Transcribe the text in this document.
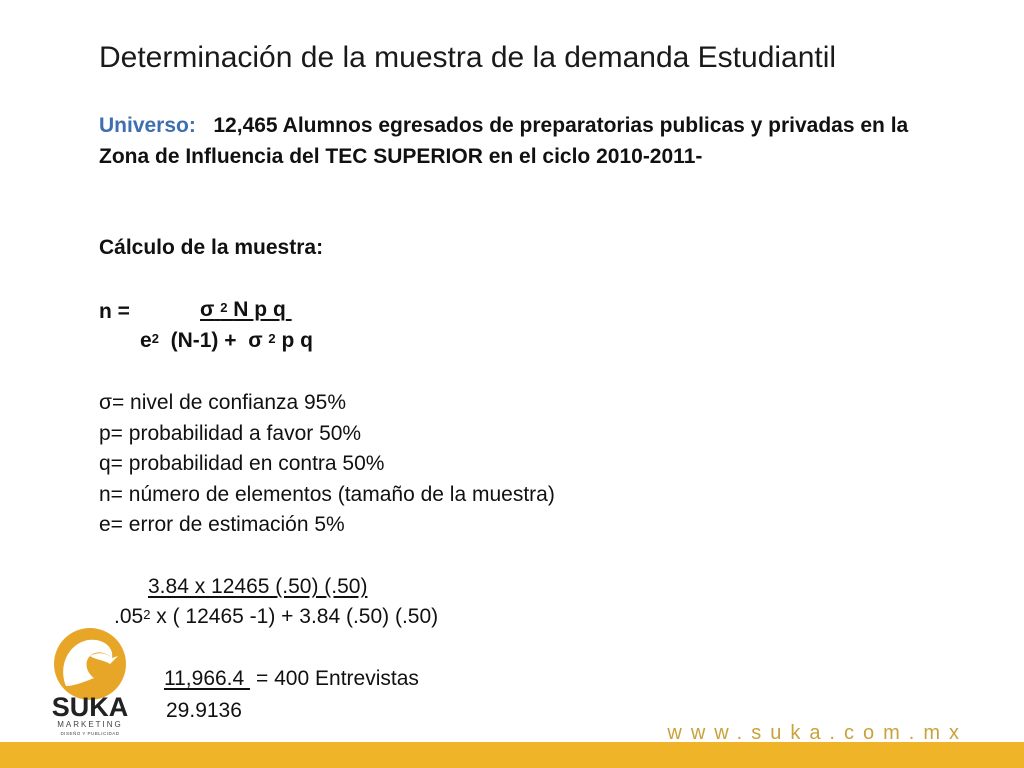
Determinación de la muestra de la demanda Estudiantil
Universo: 12,465 Alumnos egresados de preparatorias publicas y privadas en la Zona de Influencia del TEC SUPERIOR en el ciclo 2010-2011-
Cálculo de la muestra:
n =	σ $^2$ N p q
$e^2$ (N-1) + σ $^2$ p q
σ= nivel de confianza 95%
p= probabilidad a favor 50%
q= probabilidad en contra 50%
n= número de elementos (tamaño de la muestra)
e= error de estimación 5%
3.84 x 12465 (.50) (.50)
$.05^2$ x ( 12465 -1) + 3.84 (.50) (.50)
11,966.4 = 400 Entrevistas
29.9136
SUKA
MARKETING
DISEÑO Y PUBLICIDAD	www.suka.com.mx
